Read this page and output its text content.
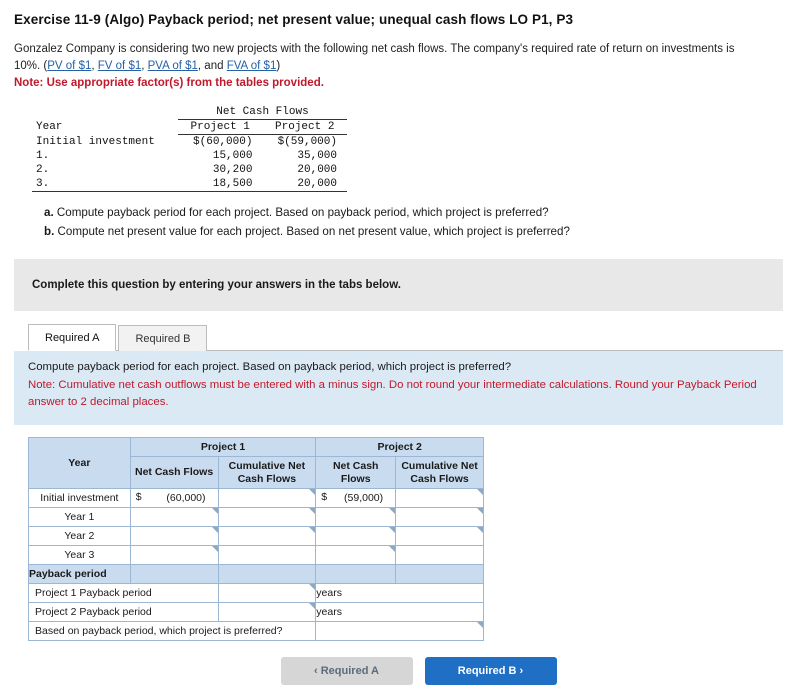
Exercise 11-9 (Algo) Payback period; net present value; unequal cash flows LO P1, P3

Gonzalez Company is considering two new projects with the following net cash flows. The company's required rate of return on investments is 10%. (PV of $1, FV of $1, PVA of $1, and FVA of $1)

Note: Use appropriate factor(s) from the tables provided.
	Net Cash Flows	
Year	Project 1	Project 2
Initial investment	$(60,000)	$(59,000)
1.	15,000	35,000
2.	30,200	20,000
3.	18,500	20,000
a. Compute payback period for each project. Based on payback period, which project is preferred?
b. Compute net present value for each project. Based on net present value, which project is preferred?
Complete this question by entering your answers in the tabs below.
Required A	Required B
Compute payback period for each project. Based on payback period, which project is preferred?
Note: Cumulative net cash outflows must be entered with a minus sign. Do not round your intermediate calculations. Round your Payback Period answer to 2 decimal places.
Year	Project 1		Project 2	
	Net Cash Flows	Cumulative Net Cash Flows	Net Cash Flows	Cumulative Net Cash Flows
Initial investment	$ (60,000)		$ (59,000)	

Year 1	

Year 2	

Year 3	

Payback period				
Project 1 Payback period			years	
Project 2 Payback period			years	
Based on payback period, which project is preferred?				
‹ Required A	Required B ›
